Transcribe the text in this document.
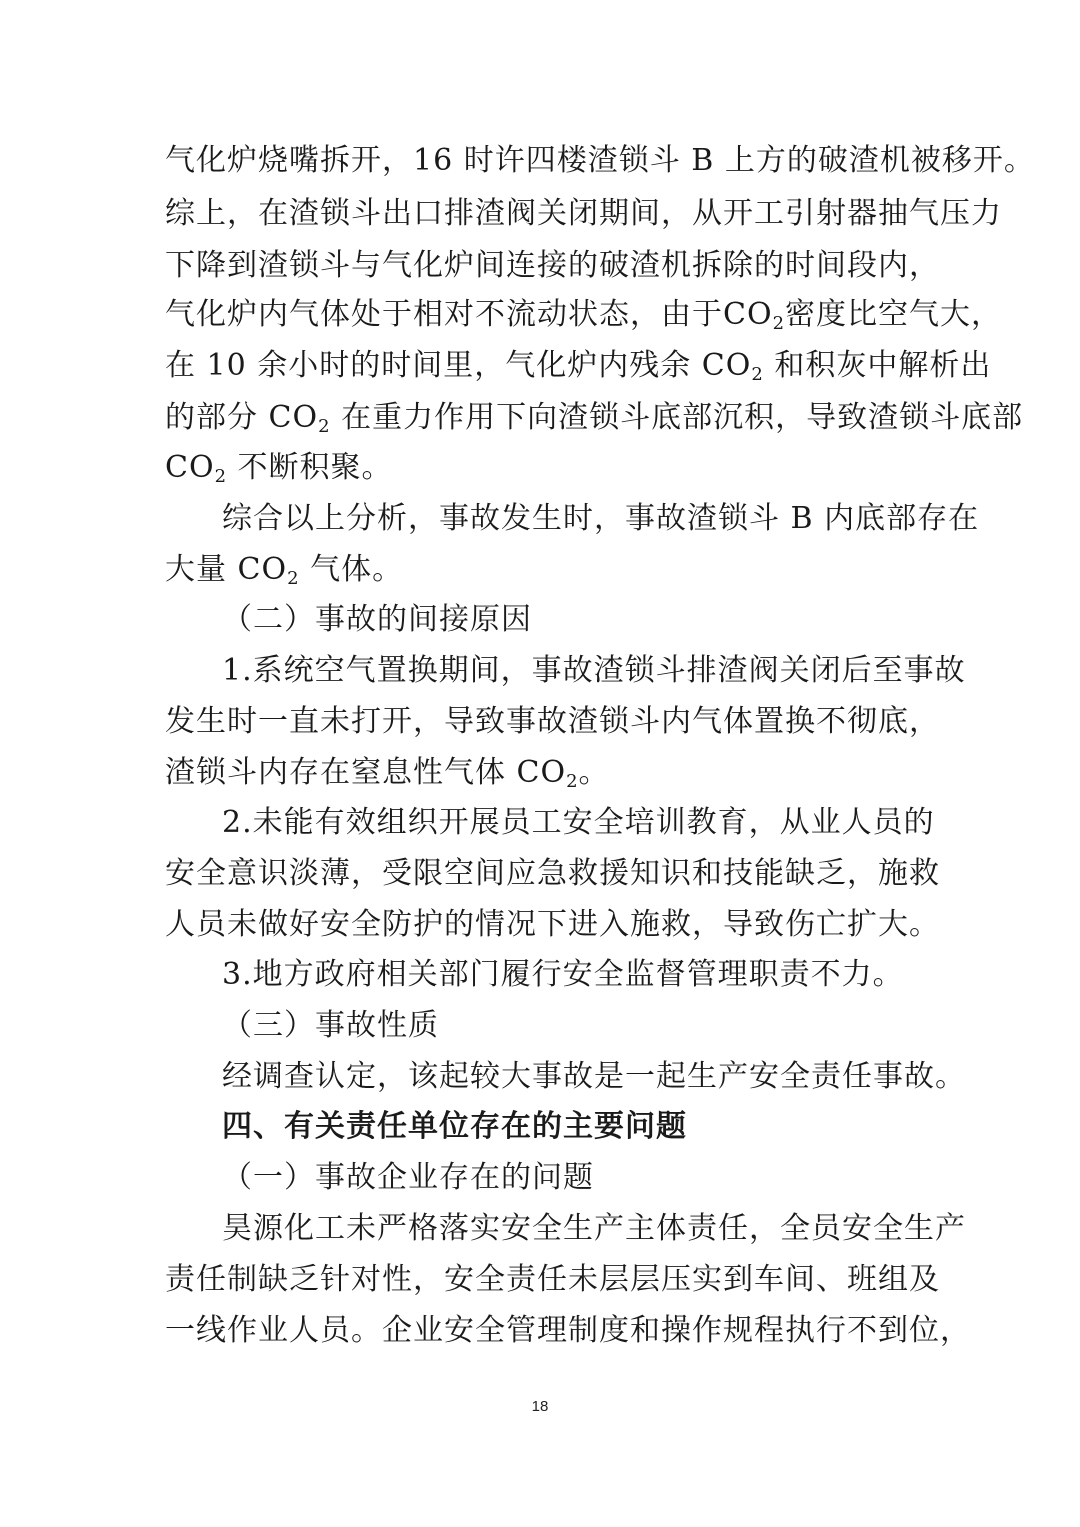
气化炉烧嘴拆开，16 时许四楼渣锁斗 B 上方的破渣机被移开。
综上，在渣锁斗出口排渣阀关闭期间，从开工引射器抽气压力
下降到渣锁斗与气化炉间连接的破渣机拆除的时间段内，
气化炉内气体处于相对不流动状态，由于$CO_2$密度比空气大，
在 10 余小时的时间里，气化炉内残余 $CO_2$ 和积灰中解析出
的部分 $CO_2$ 在重力作用下向渣锁斗底部沉积，导致渣锁斗底部
$CO_2$ 不断积聚。
综合以上分析，事故发生时，事故渣锁斗 B 内底部存在
大量 $CO_2$ 气体。
（二）事故的间接原因
1.系统空气置换期间，事故渣锁斗排渣阀关闭后至事故
发生时一直未打开，导致事故渣锁斗内气体置换不彻底，
渣锁斗内存在窒息性气体 $CO_2$。
2.未能有效组织开展员工安全培训教育，从业人员的
安全意识淡薄，受限空间应急救援知识和技能缺乏，施救
人员未做好安全防护的情况下进入施救，导致伤亡扩大。
3.地方政府相关部门履行安全监督管理职责不力。
（三）事故性质
经调查认定，该起较大事故是一起生产安全责任事故。
四、有关责任单位存在的主要问题
（一）事故企业存在的问题
昊源化工未严格落实安全生产主体责任，全员安全生产
责任制缺乏针对性，安全责任未层层压实到车间、班组及
一线作业人员。企业安全管理制度和操作规程执行不到位，
18
